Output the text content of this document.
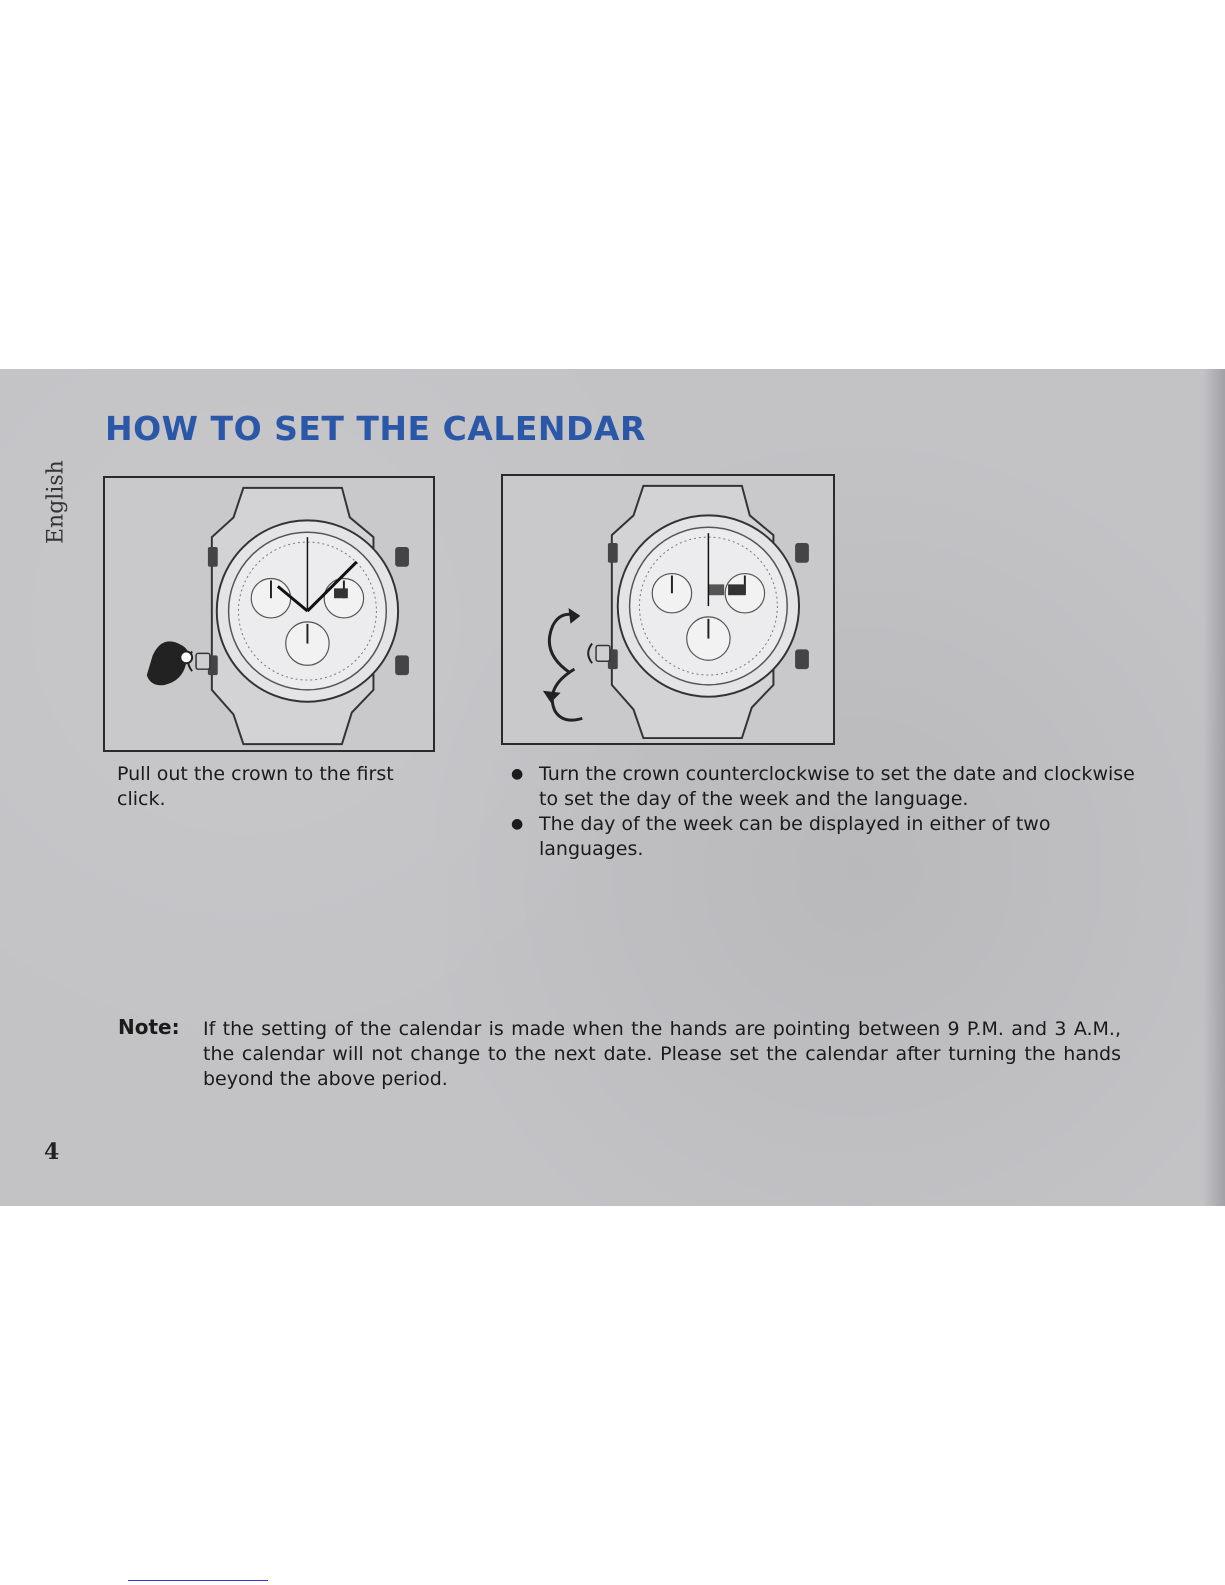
English
HOW TO SET THE CALENDAR

Pull out the crown to the first click.

● Turn the crown counterclockwise to set the date and clockwise to set the day of the week and the language.
● The day of the week can be displayed in either of two languages.

Note: If the setting of the calendar is made when the hands are pointing between 9 P.M. and 3 A.M., the calendar will not change to the next date. Please set the calendar after turning the hands beyond the above period.

4
